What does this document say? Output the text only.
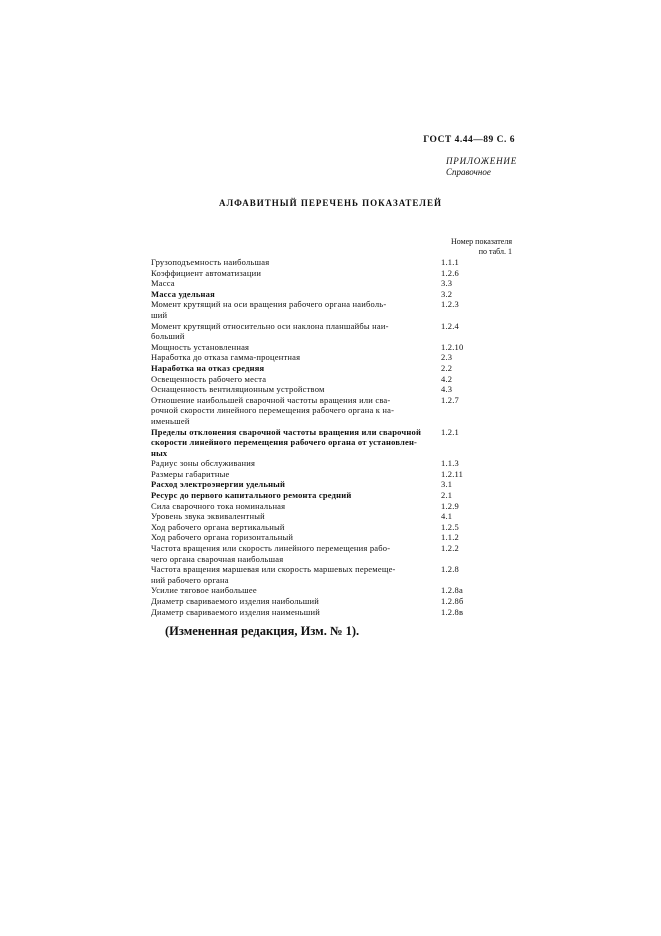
ГОСТ 4.44—89 С. 6
ПРИЛОЖЕНИЕ
Справочное
АЛФАВИТНЫЙ ПЕРЕЧЕНЬ ПОКАЗАТЕЛЕЙ
Номер показателя
по табл. 1
Грузоподъемность наибольшая	1.1.1
Коэффициент автоматизации	1.2.6
Масса	3.3
Масса удельная	3.2
Момент крутящий на оси вращения рабочего органа наиболь-	1.2.3
ший
Момент крутящий относительно оси наклона планшайбы наи-	1.2.4
больший
Мощность установленная	1.2.10
Наработка до отказа гамма-процентная	2.3
Наработка на отказ средняя	2.2
Освещенность рабочего места	4.2
Оснащенность вентиляционным устройством	4.3
Отношение наибольшей сварочной частоты вращения или сва-	1.2.7
рочной скорости линейного перемещения рабочего органа к на-
именьшей
Пределы отклонения сварочной частоты вращения или сварочной	1.2.1
скорости линейного перемещения рабочего органа от установлен-
ных
Радиус зоны обслуживания	1.1.3
Размеры габаритные	1.2.11
Расход электроэнергии удельный	3.1
Ресурс до первого капитального ремонта средний	2.1
Сила сварочного тока номинальная	1.2.9
Уровень звука эквивалентный	4.1
Ход рабочего органа вертикальный	1.2.5
Ход рабочего органа горизонтальный	1.1.2
Частота вращения или скорость линейного перемещения рабо-	1.2.2
чего органа сварочная наибольшая
Частота вращения маршевая или скорость маршевых перемеще-	1.2.8
ний рабочего органа
Усилие тяговое наибольшее	1.2.8а
Диаметр свариваемого изделия наибольший	1.2.8б
Диаметр свариваемого изделия наименьший	1.2.8в
(Измененная редакция, Изм. № 1).
